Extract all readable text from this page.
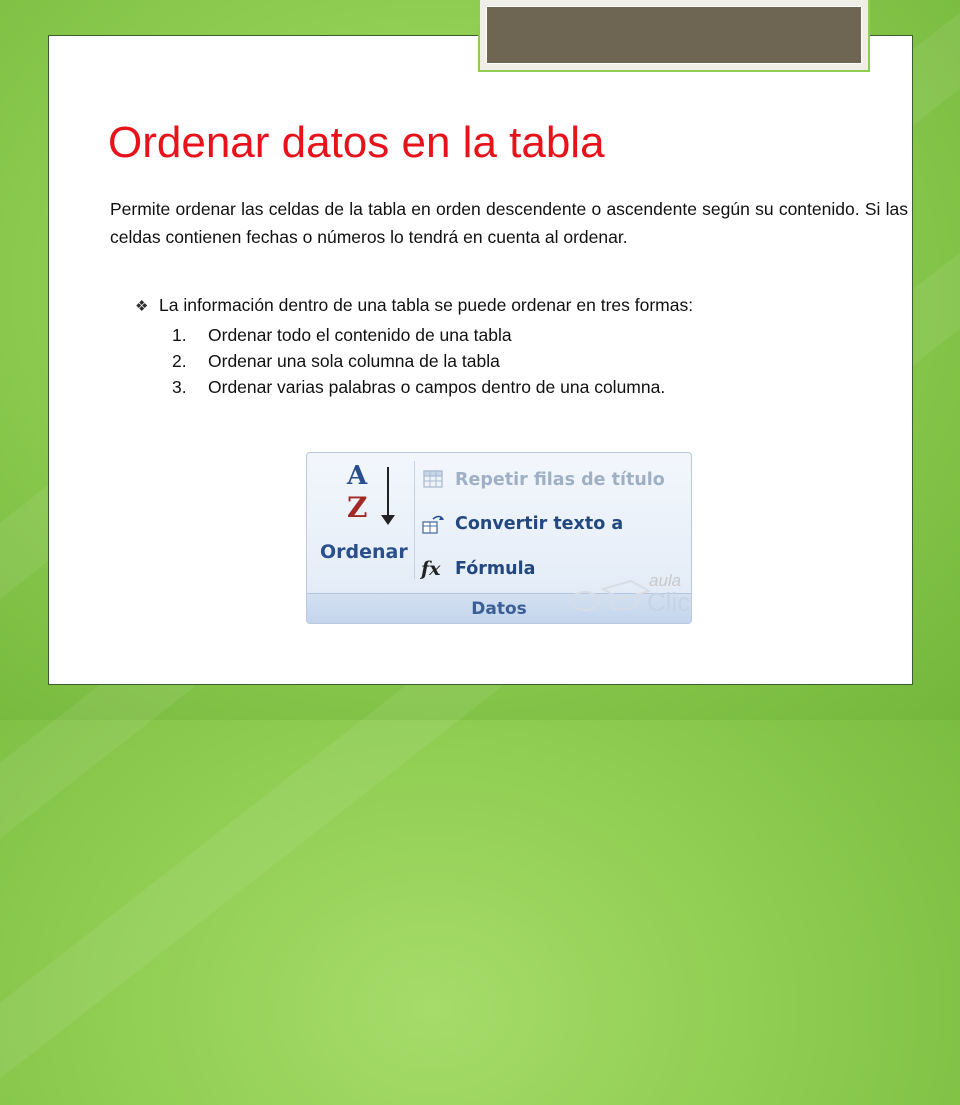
Ordenar datos en la tabla

Permite ordenar las celdas de la tabla en orden descendente o ascendente según su contenido. Si las celdas contienen fechas o números lo tendrá en cuenta al ordenar.

❖ La información dentro de una tabla se puede ordenar en tres formas:
1. Ordenar todo el contenido de una tabla
2. Ordenar una sola columna de la tabla
3. Ordenar varias palabras o campos dentro de una columna.
A
Z
Ordenar
Repetir filas de título
Convertir texto a
fx Fórmula
Datos
aula
Clic
